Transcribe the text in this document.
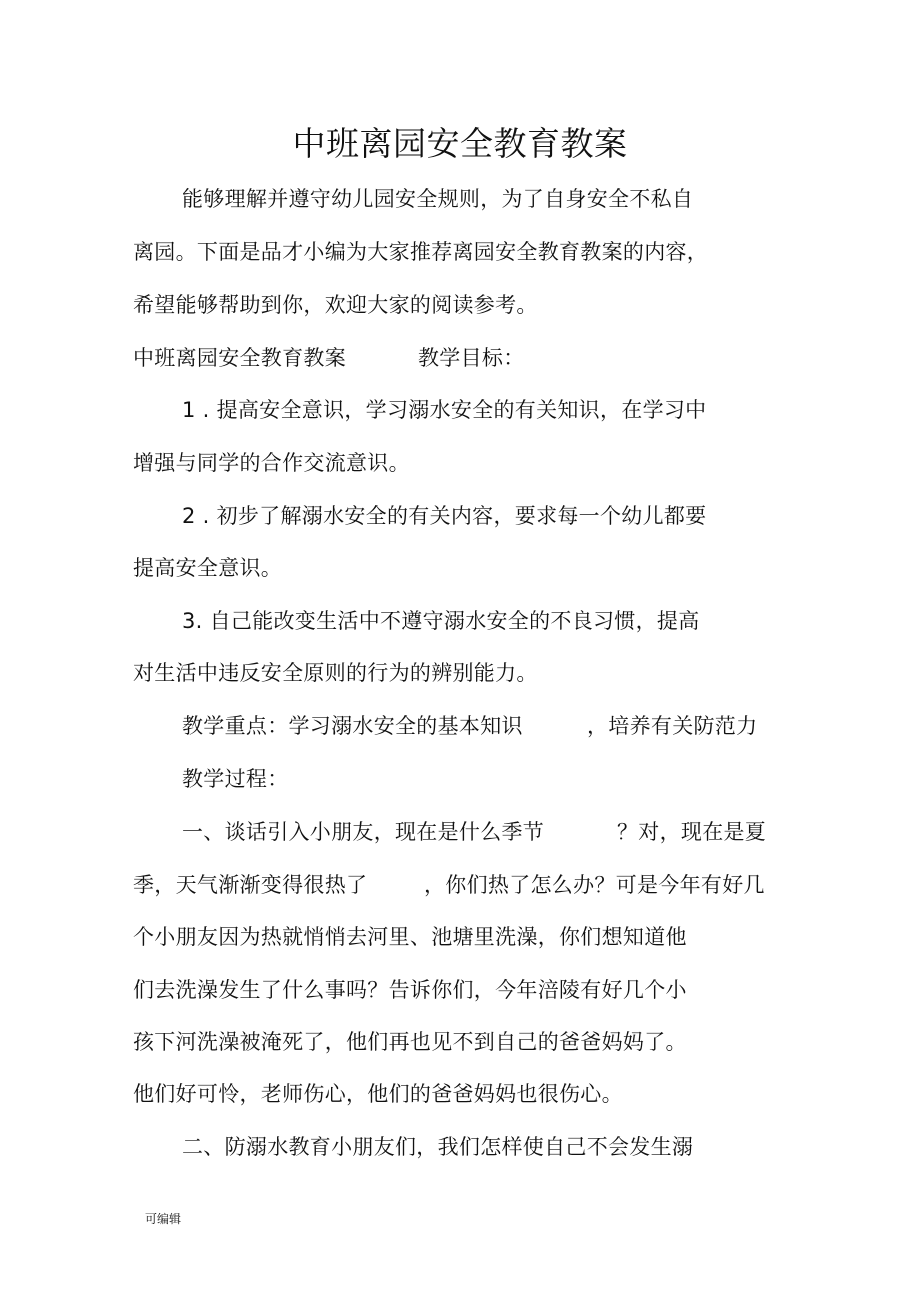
中班离园安全教育教案
能够理解并遵守幼儿园安全规则，为了自身安全不私自
离园。下面是品才小编为大家推荐离园安全教育教案的内容，
希望能够帮助到你，欢迎大家的阅读参考。
中班离园安全教育教案	教学目标：
1 . 提高安全意识，学习溺水安全的有关知识，在学习中
增强与同学的合作交流意识。
2 . 初步了解溺水安全的有关内容，要求每一个幼儿都要
提高安全意识。
3. 自己能改变生活中不遵守溺水安全的不良习惯，提高
对生活中违反安全原则的行为的辨别能力。
教学重点：学习溺水安全的基本知识	，培养有关防范力
教学过程：
一、谈话引入小朋友，现在是什么季节	？对，现在是夏
季，天气渐渐变得很热了	，你们热了怎么办？可是今年有好几
个小朋友因为热就悄悄去河里、池塘里洗澡，你们想知道他
们去洗澡发生了什么事吗？告诉你们，今年涪陵有好几个小
孩下河洗澡被淹死了，他们再也见不到自己的爸爸妈妈了。
他们好可怜，老师伤心，他们的爸爸妈妈也很伤心。
二、防溺水教育小朋友们，我们怎样使自己不会发生溺
可编辑
